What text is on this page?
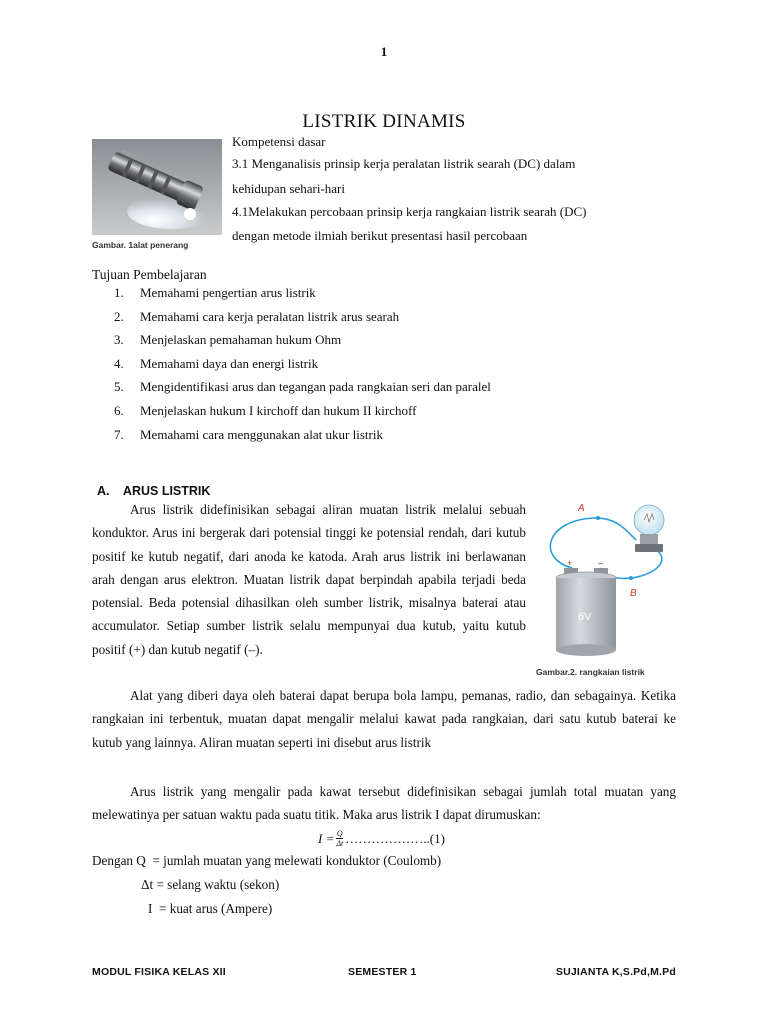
1
LISTRIK DINAMIS
Gambar. 1alat penerang
Kompetensi dasar
3.1 Menganalisis prinsip kerja peralatan listrik searah (DC) dalam
kehidupan sehari-hari
4.1Melakukan percobaan prinsip kerja rangkaian listrik searah (DC)
dengan metode ilmiah berikut presentasi hasil percobaan
Tujuan Pembelajaran
1.	Memahami pengertian arus listrik
2.	Memahami cara kerja peralatan listrik arus searah
3.	Menjelaskan pemahaman hukum Ohm
4.	Memahami daya dan energi listrik
5.	Mengidentifikasi arus dan tegangan pada rangkaian seri dan paralel
6.	Menjelaskan hukum I kirchoff dan hukum II kirchoff
7.	Memahami cara menggunakan alat ukur listrik
A.    ARUS LISTRIK

Arus listrik didefinisikan sebagai aliran muatan listrik melalui sebuah konduktor. Arus ini bergerak dari potensial tinggi ke potensial rendah, dari kutub positif ke kutub negatif, dari anoda ke katoda. Arah arus listrik ini berlawanan arah dengan arus elektron. Muatan listrik dapat berpindah apabila terjadi beda potensial. Beda potensial dihasilkan oleh sumber listrik, misalnya baterai atau accumulator. Setiap sumber listrik selalu mempunyai dua kutub, yaitu kutub positif (+) dan kutub negatif (–).

+	–
6V
A
B
Gambar.2. rangkaian listrik

Alat yang diberi daya oleh baterai dapat berupa bola lampu, pemanas, radio, dan sebagainya. Ketika rangkaian ini terbentuk, muatan dapat mengalir melalui kawat pada rangkaian, dari satu kutub baterai ke kutub yang lainnya. Aliran muatan seperti ini disebut arus listrik

Arus listrik yang mengalir pada kawat tersebut didefinisikan sebagai jumlah total muatan yang melewatinya per satuan waktu pada suatu titik. Maka arus listrik I dapat dirumuskan:

$I = \frac{Q}{\Delta t}$ ………………..(1)
Dengan Q = jumlah muatan yang melewati konduktor (Coulomb)
Δt = selang waktu (sekon)
I = kuat arus (Ampere)
MODUL FISIKA KELAS XII	SEMESTER 1	SUJIANTA K,S.Pd,M.Pd
